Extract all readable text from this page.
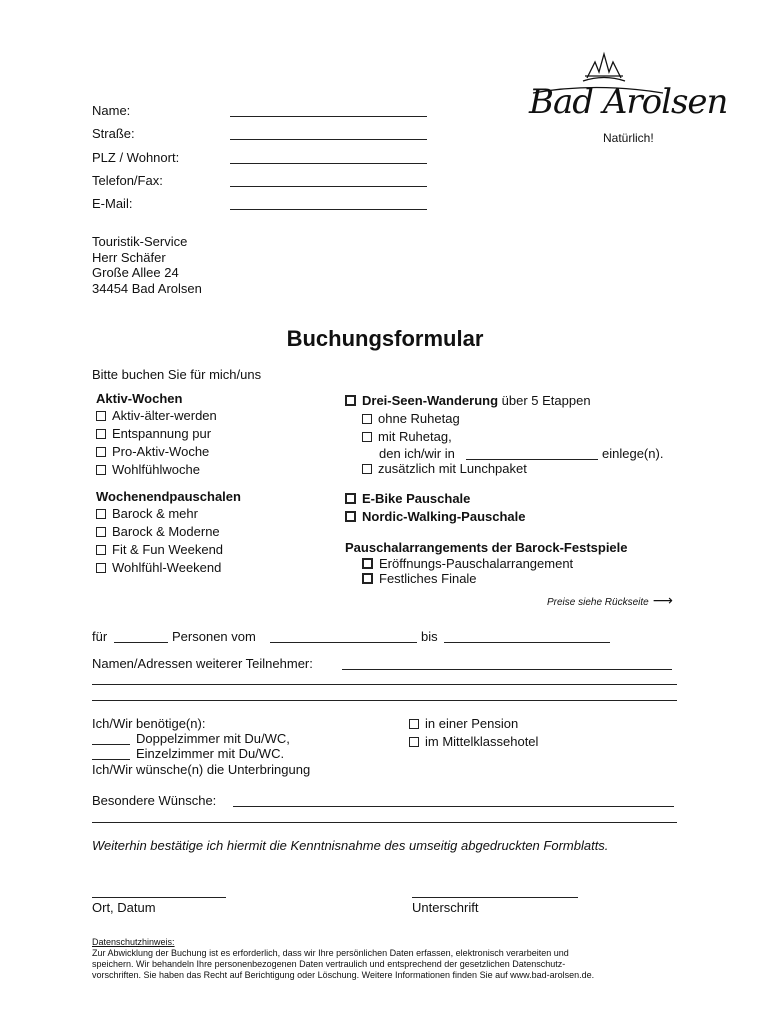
Name:
Straße:
PLZ / Wohnort:
Telefon/Fax:
E-Mail:
Bad Arolsen
Natürlich!
Touristik-Service
Herr Schäfer
Große Allee 24
34454 Bad Arolsen
Buchungsformular
Bitte buchen Sie für mich/uns
Aktiv-Wochen
Aktiv-älter-werden
Entspannung pur
Pro-Aktiv-Woche
Wohlfühlwoche
Wochenendpauschalen
Barock & mehr
Barock & Moderne
Fit & Fun Weekend
Wohlfühl-Weekend
Drei-Seen-Wanderung über 5 Etappen
ohne Ruhetag
mit Ruhetag,
den ich/wir in	einlege(n).
zusätzlich mit Lunchpaket
E-Bike Pauschale
Nordic-Walking-Pauschale
Pauschalarrangements der Barock-Festspiele
Eröffnungs-Pauschalarrangement
Festliches Finale
Preise siehe Rückseite ⟶
für	Personen vom	bis
Namen/Adressen weiterer Teilnehmer:
Ich/Wir benötige(n):
Doppelzimmer mit Du/WC,
Einzelzimmer mit Du/WC.
Ich/Wir wünsche(n) die Unterbringung
in einer Pension
im Mittelklassehotel
Besondere Wünsche:
Weiterhin bestätige ich hiermit die Kenntnisnahme des umseitig abgedruckten Formblatts.
Ort, Datum	Unterschrift
Datenschutzhinweis:
Zur Abwicklung der Buchung ist es erforderlich, dass wir Ihre persönlichen Daten erfassen, elektronisch verarbeiten und
speichern. Wir behandeln Ihre personenbezogenen Daten vertraulich und entsprechend der gesetzlichen Datenschutz-
vorschriften. Sie haben das Recht auf Berichtigung oder Löschung. Weitere Informationen finden Sie auf www.bad-arolsen.de.
